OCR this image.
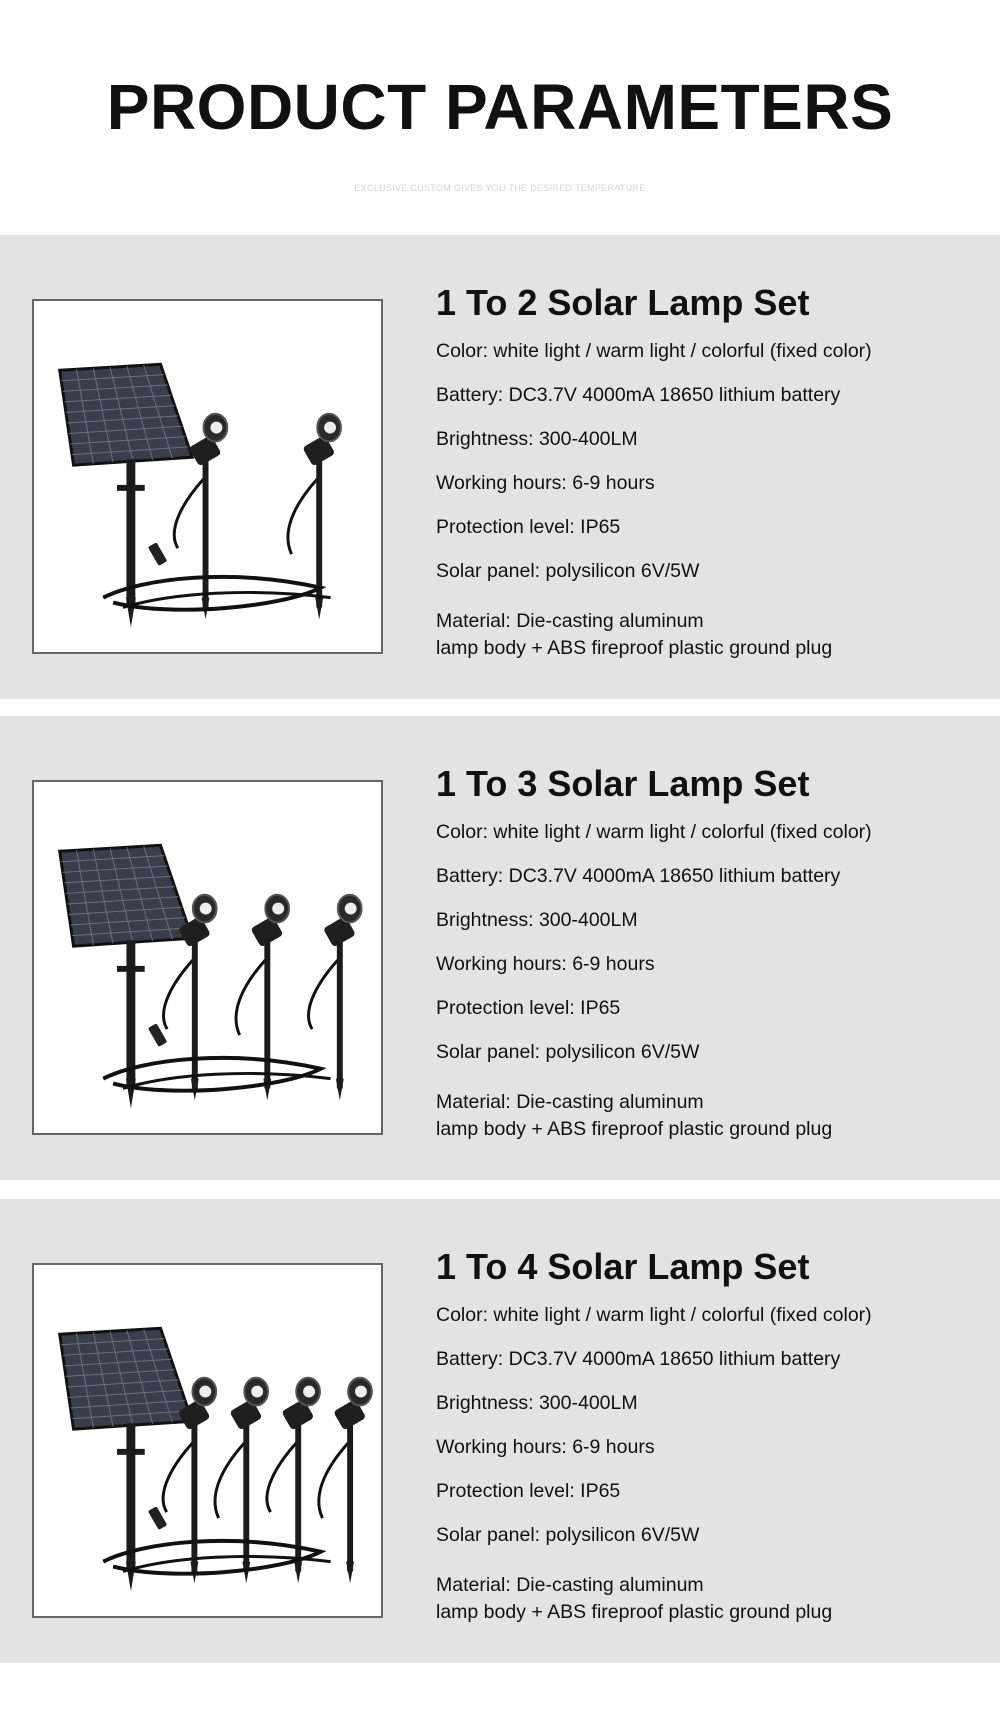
PRODUCT PARAMETERS
EXCLUSIVE CUSTOM GIVES YOU THE DESIRED TEMPERATURE
1 To 2 Solar Lamp Set
Color: white light / warm light / colorful (fixed color)
Battery: DC3.7V 4000mA 18650 lithium battery
Brightness: 300-400LM
Working hours: 6-9 hours
Protection level: IP65
Solar panel: polysilicon 6V/5W
Material: Die-casting aluminum
lamp body + ABS fireproof plastic ground plug
1 To 3 Solar Lamp Set
Color: white light / warm light / colorful (fixed color)
Battery: DC3.7V 4000mA 18650 lithium battery
Brightness: 300-400LM
Working hours: 6-9 hours
Protection level: IP65
Solar panel: polysilicon 6V/5W
Material: Die-casting aluminum
lamp body + ABS fireproof plastic ground plug
1 To 4 Solar Lamp Set
Color: white light / warm light / colorful (fixed color)
Battery: DC3.7V 4000mA 18650 lithium battery
Brightness: 300-400LM
Working hours: 6-9 hours
Protection level: IP65
Solar panel: polysilicon 6V/5W
Material: Die-casting aluminum
lamp body + ABS fireproof plastic ground plug
